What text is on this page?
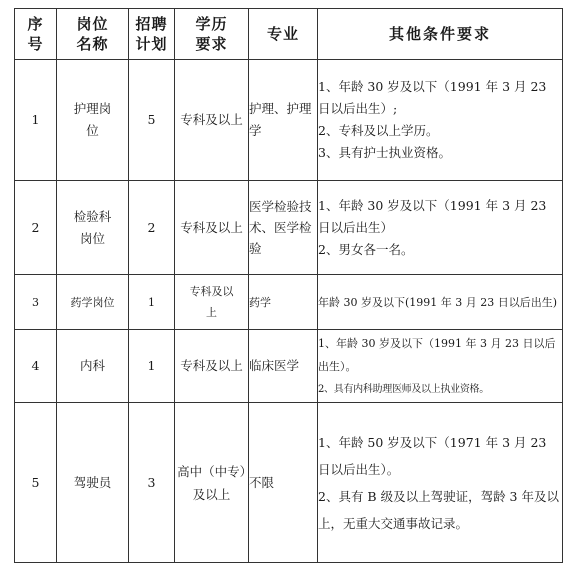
序号	岗位名称	招聘计划	学历要求	专业	其他条件要求
1	护理岗位	5	专科及以上	护理、护理学	1、年龄 30 岁及以下（1991 年 3 月 23 日以后出生）;
2、专科及以上学历。
3、具有护士执业资格。

2	检验科岗位	2	专科及以上	医学检验技术、医学检验	1、年龄 30 岁及以下（1991 年 3 月 23 日以后出生）
2、男女各一名。

3	药学岗位	1	专科及以上	药学	年龄 30 岁及以下(1991 年 3 月 23 日以后出生)

4	内科	1	专科及以上	临床医学	1、年龄 30 岁及以下（1991 年 3 月 23 日以后出生）。
2、具有内科助理医师及以上执业资格。

5	驾驶员	3	高中（中专）及以上	不限	1、年龄 50 岁及以下（1971 年 3 月 23 日以后出生）。
2、具有 B 级及以上驾驶证，驾龄 3 年及以上，无重大交通事故记录。
